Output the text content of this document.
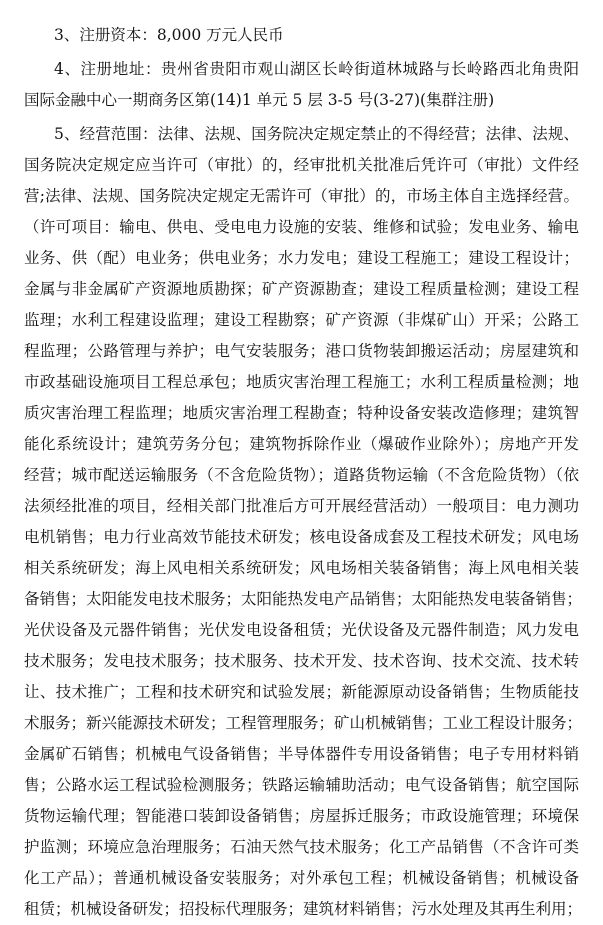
3、注册资本：8,000 万元人民币
4、注册地址：贵州省贵阳市观山湖区长岭街道林城路与长岭路西北角贵阳
国际金融中心一期商务区第(14)1 单元 5 层 3-5 号(3-27)(集群注册)
5、经营范围：法律、法规、国务院决定规定禁止的不得经营；法律、法规、
国务院决定规定应当许可（审批）的，经审批机关批准后凭许可（审批）文件经
营;法律、法规、国务院决定规定无需许可（审批）的，市场主体自主选择经营。
（许可项目：输电、供电、受电电力设施的安装、维修和试验；发电业务、输电
业务、供（配）电业务；供电业务；水力发电；建设工程施工；建设工程设计；
金属与非金属矿产资源地质勘探；矿产资源勘查；建设工程质量检测；建设工程
监理；水利工程建设监理；建设工程勘察；矿产资源（非煤矿山）开采；公路工
程监理；公路管理与养护；电气安装服务；港口货物装卸搬运活动；房屋建筑和
市政基础设施项目工程总承包；地质灾害治理工程施工；水利工程质量检测；地
质灾害治理工程监理；地质灾害治理工程勘查；特种设备安装改造修理；建筑智
能化系统设计；建筑劳务分包；建筑物拆除作业（爆破作业除外）；房地产开发
经营；城市配送运输服务（不含危险货物）；道路货物运输（不含危险货物）（依
法须经批准的项目，经相关部门批准后方可开展经营活动）一般项目：电力测功
电机销售；电力行业高效节能技术研发；核电设备成套及工程技术研发；风电场
相关系统研发；海上风电相关系统研发；风电场相关装备销售；海上风电相关装
备销售；太阳能发电技术服务；太阳能热发电产品销售；太阳能热发电装备销售；
光伏设备及元器件销售；光伏发电设备租赁；光伏设备及元器件制造；风力发电
技术服务；发电技术服务；技术服务、技术开发、技术咨询、技术交流、技术转
让、技术推广；工程和技术研究和试验发展；新能源原动设备销售；生物质能技
术服务；新兴能源技术研发；工程管理服务；矿山机械销售；工业工程设计服务；
金属矿石销售；机械电气设备销售；半导体器件专用设备销售；电子专用材料销
售；公路水运工程试验检测服务；铁路运输辅助活动；电气设备销售；航空国际
货物运输代理；智能港口装卸设备销售；房屋拆迁服务；市政设施管理；环境保
护监测；环境应急治理服务；石油天然气技术服务；化工产品销售（不含许可类
化工产品）；普通机械设备安装服务；对外承包工程；机械设备销售；机械设备
租赁；机械设备研发；招投标代理服务；建筑材料销售；污水处理及其再生利用；
